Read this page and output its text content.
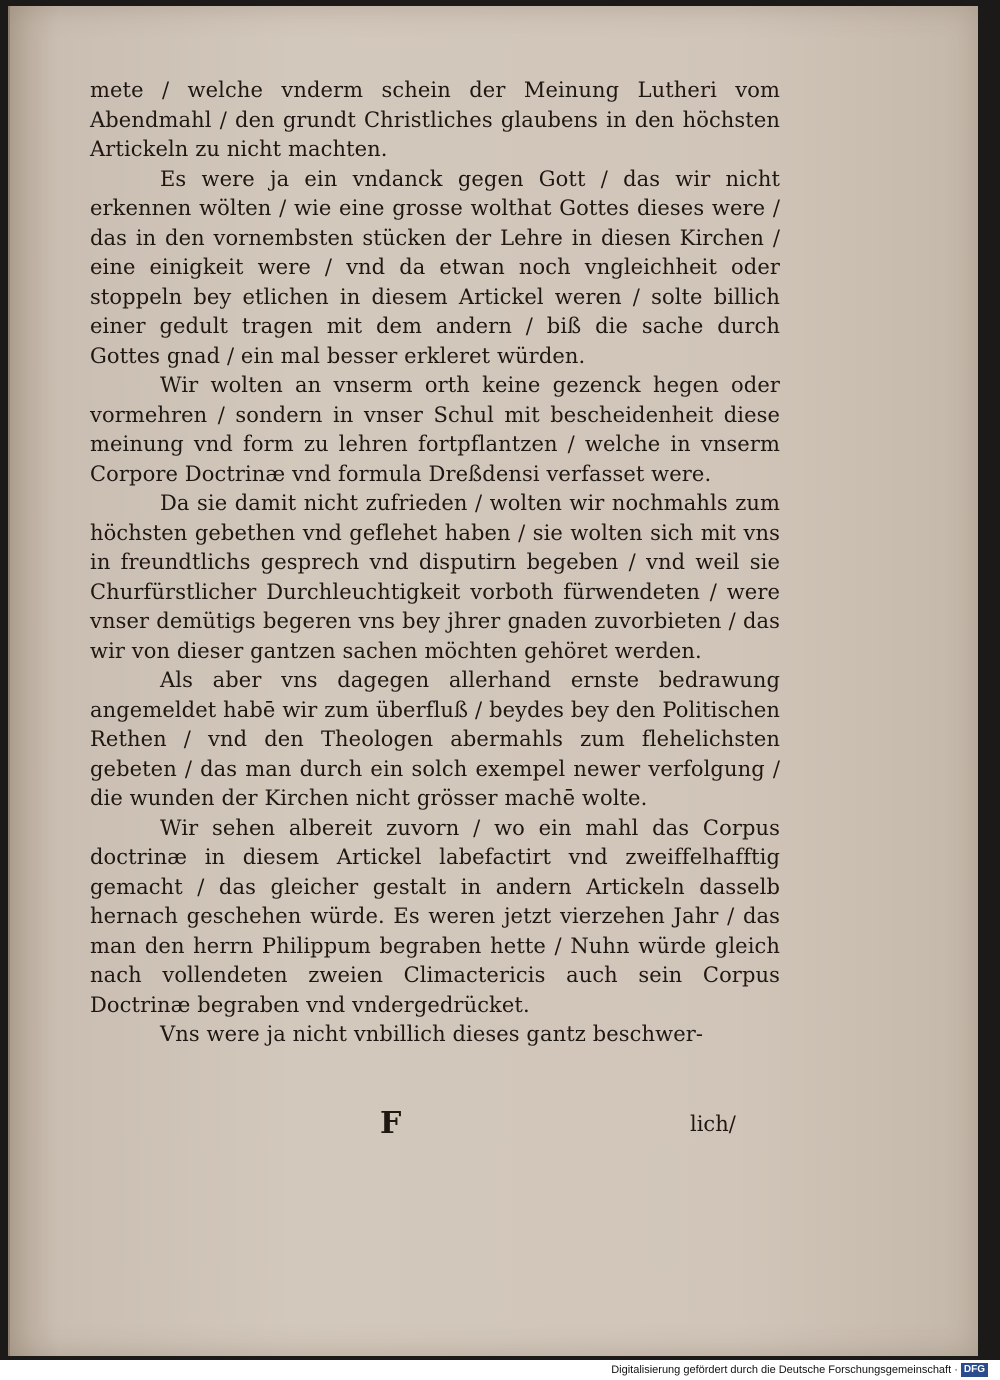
mete / welche vnderm schein der Meinung Lutheri vom Abendmahl / den grundt Christliches glaubens in den höchsten Artickeln zu nicht machten.

Es were ja ein vndanck gegen Gott / das wir nicht erkennen wölten / wie eine grosse wolthat Gottes dieses were / das in den vornembsten stücken der Lehre in diesen Kirchen / eine einigkeit were / vnd da etwan noch vngleichheit oder stoppeln bey etlichen in diesem Artickel weren / solte billich einer gedult tragen mit dem andern / biß die sache durch Gottes gnad / ein mal besser erkleret würden.

Wir wolten an vnserm orth keine gezenck hegen oder vormehren / sondern in vnser Schul mit bescheidenheit diese meinung vnd form zu lehren fortpflantzen / welche in vnserm Corpore Doctrinæ vnd formula Dreßdensi verfasset were.

Da sie damit nicht zufrieden / wolten wir nochmahls zum höchsten gebethen vnd geflehet haben / sie wolten sich mit vns in freundtlichs gesprech vnd disputirn begeben / vnd weil sie Churfürstlicher Durchleuchtigkeit vorboth fürwendeten / were vnser demütigs begeren vns bey jhrer gnaden zuvorbieten / das wir von dieser gantzen sachen möchten gehöret werden.

Als aber vns dagegen allerhand ernste bedrawung angemeldet habē wir zum überfluß / beydes bey den Politischen Rethen / vnd den Theologen abermahls zum flehelichsten gebeten / das man durch ein solch exempel newer verfolgung / die wunden der Kirchen nicht grösser machē wolte.

Wir sehen albereit zuvorn / wo ein mahl das Corpus doctrinæ in diesem Artickel labefactirt vnd zweiffelhafftig gemacht / das gleicher gestalt in andern Artickeln dasselb hernach geschehen würde. Es weren jetzt vierzehen Jahr / das man den herrn Philippum begraben hette / Nuhn würde gleich nach vollendeten zweien Climactericis auch sein Corpus Doctrinæ begraben vnd vndergedrücket.

Vns were ja nicht vnbillich dieses gantz beschwer-

F	lich/
Digitalisierung gefördert durch die Deutsche Forschungsgemeinschaft · DFG
